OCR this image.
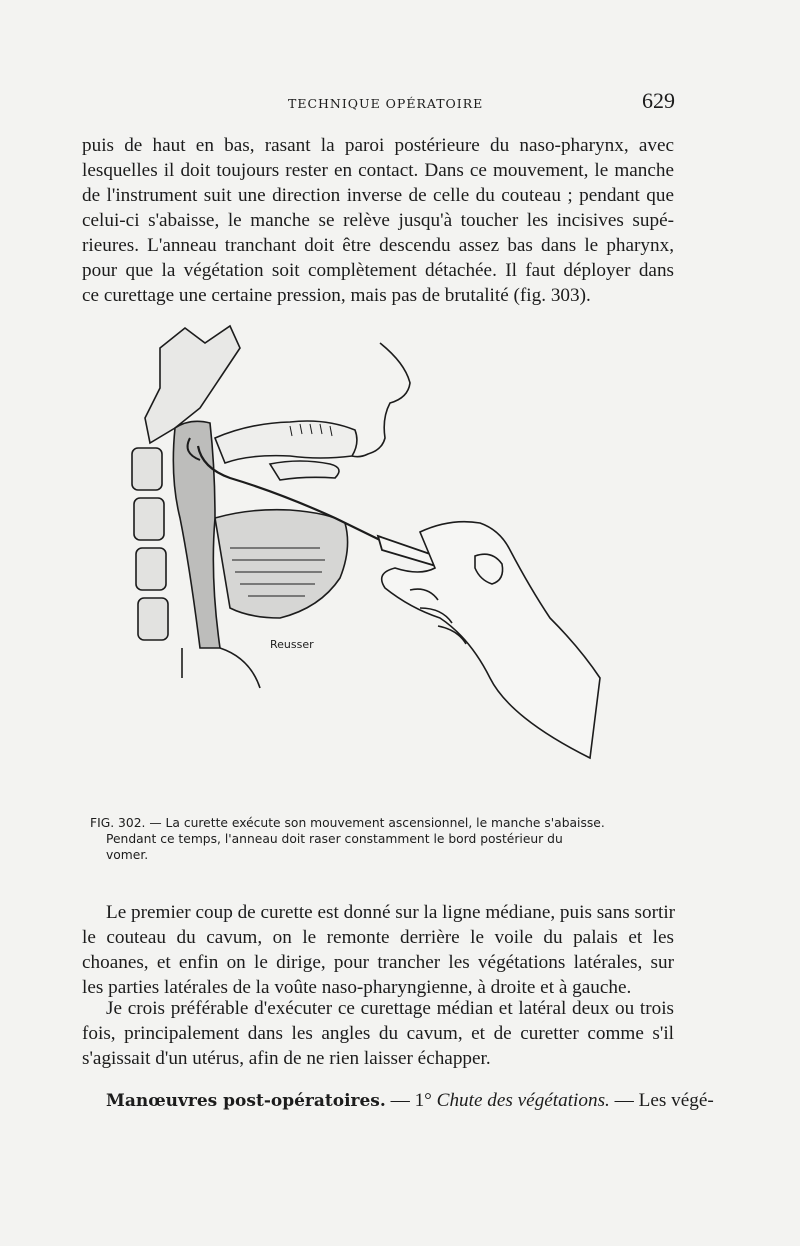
TECHNIQUE OPÉRATOIRE	629
puis de haut en bas, rasant la paroi postérieure du naso-pharynx, avec
lesquelles il doit toujours rester en contact. Dans ce mouvement, le manche
de l'instrument suit une direction inverse de celle du couteau ; pendant que
celui-ci s'abaisse, le manche se relève jusqu'à toucher les incisives supé-
rieures. L'anneau tranchant doit être descendu assez bas dans le pharynx,
pour que la végétation soit complètement détachée. Il faut déployer dans
ce curettage une certaine pression, mais pas de brutalité (fig. 303).
Reusser
FIG. 302. — La curette exécute son mouvement ascensionnel, le manche s'abaisse.
Pendant ce temps, l'anneau doit raser constamment le bord postérieur du
vomer.
Le premier coup de curette est donné sur la ligne médiane, puis sans sortir
le couteau du cavum, on le remonte derrière le voile du palais et les
choanes, et enfin on le dirige, pour trancher les végétations latérales, sur
les parties latérales de la voûte naso-pharyngienne, à droite et à gauche.
Je crois préférable d'exécuter ce curettage médian et latéral deux ou trois
fois, principalement dans les angles du cavum, et de curetter comme s'il
s'agissait d'un utérus, afin de ne rien laisser échapper.
Manœuvres post-opératoires. — 1° Chute des végétations. — Les végé-
